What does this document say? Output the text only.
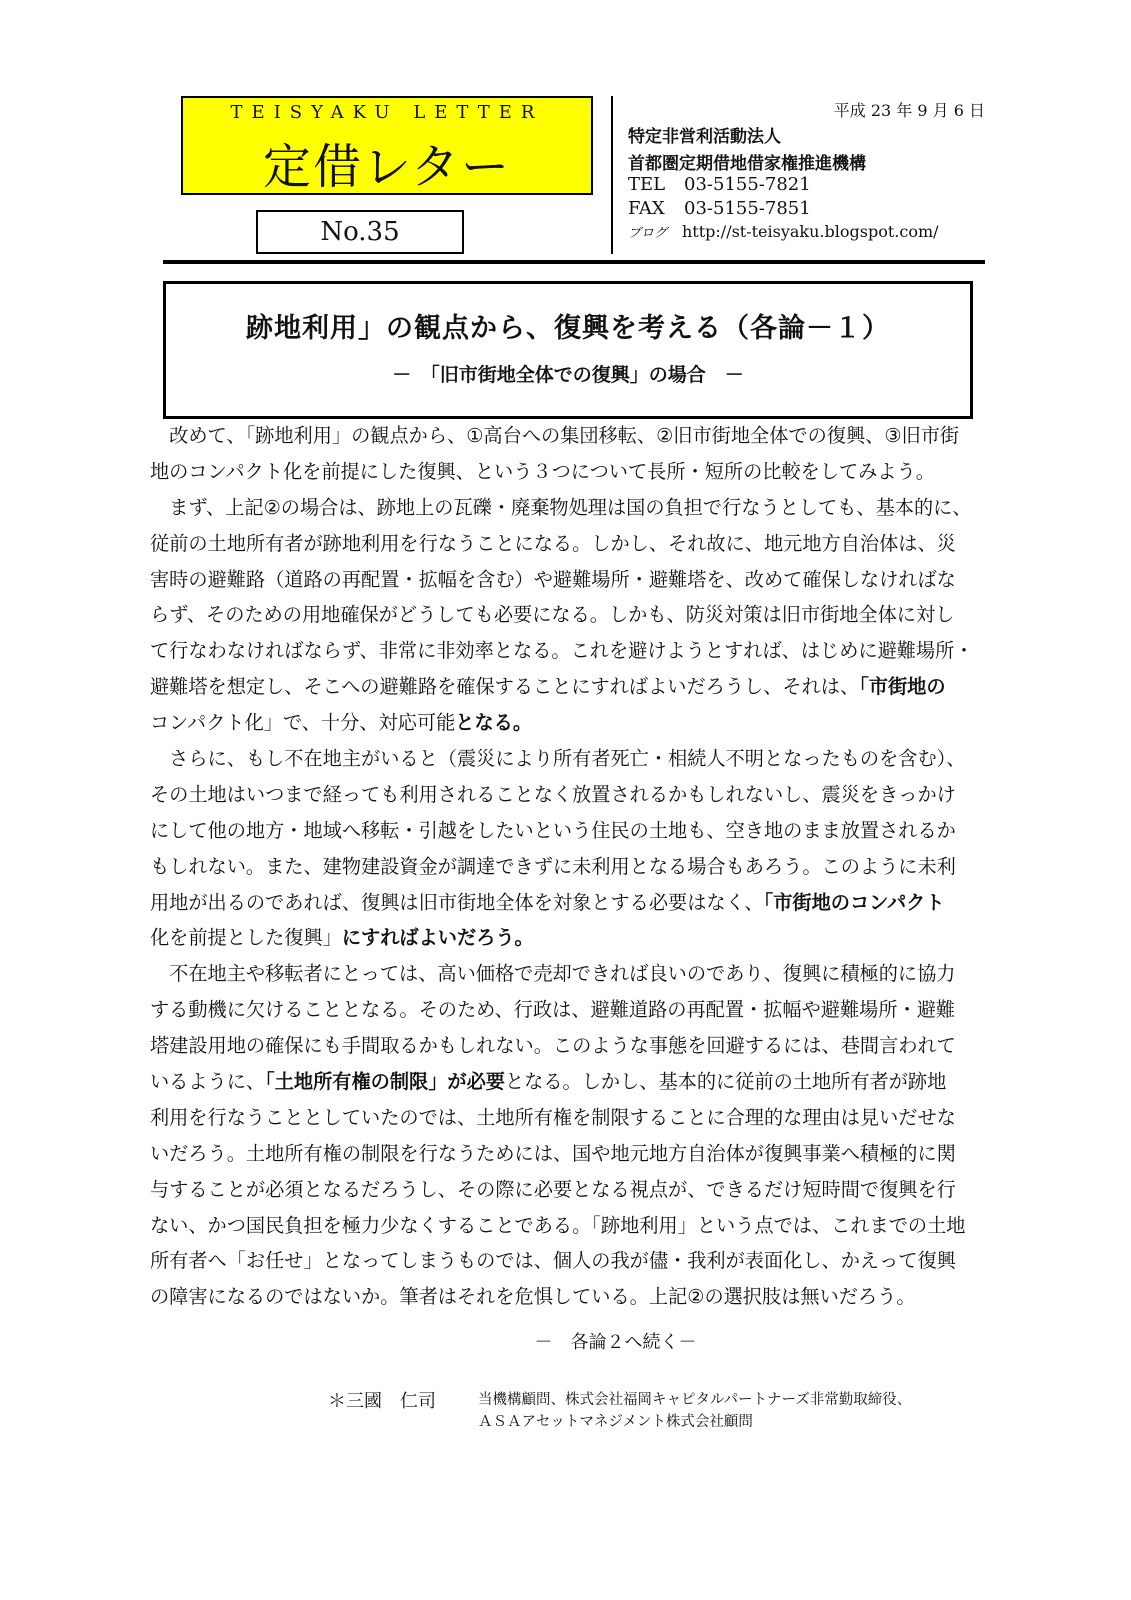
TEISYAKU LETTER
定借レター
No.35
平成 23 年 9 月 6 日
特定非営利活動法人
首都圏定期借地借家権推進機構
TEL 03-5155-7821
FAX 03-5155-7851
ブログ http://st-teisyaku.blogspot.com/
跡地利用」の観点から、復興を考える（各論－１）
－　「旧市街地全体での復興」の場合　－
　改めて、「跡地利用」の観点から、①高台への集団移転、②旧市街地全体での復興、③旧市街
地のコンパクト化を前提にした復興、という３つについて長所・短所の比較をしてみよう。
　まず、上記②の場合は、跡地上の瓦礫・廃棄物処理は国の負担で行なうとしても、基本的に、
従前の土地所有者が跡地利用を行なうことになる。しかし、それ故に、地元地方自治体は、災
害時の避難路（道路の再配置・拡幅を含む）や避難場所・避難塔を、改めて確保しなければな
らず、そのための用地確保がどうしても必要になる。しかも、防災対策は旧市街地全体に対し
て行なわなければならず、非常に非効率となる。これを避けようとすれば、はじめに避難場所・
避難塔を想定し、そこへの避難路を確保することにすればよいだろうし、それは、「市街地の
コンパクト化」で、十分、対応可能となる。
　さらに、もし不在地主がいると（震災により所有者死亡・相続人不明となったものを含む）、
その土地はいつまで経っても利用されることなく放置されるかもしれないし、震災をきっかけ
にして他の地方・地域へ移転・引越をしたいという住民の土地も、空き地のまま放置されるか
もしれない。また、建物建設資金が調達できずに未利用となる場合もあろう。このように未利
用地が出るのであれば、復興は旧市街地全体を対象とする必要はなく、「市街地のコンパクト
化を前提とした復興」にすればよいだろう。
　不在地主や移転者にとっては、高い価格で売却できれば良いのであり、復興に積極的に協力
する動機に欠けることとなる。そのため、行政は、避難道路の再配置・拡幅や避難場所・避難
塔建設用地の確保にも手間取るかもしれない。このような事態を回避するには、巷間言われて
いるように、「土地所有権の制限」が必要となる。しかし、基本的に従前の土地所有者が跡地
利用を行なうこととしていたのでは、土地所有権を制限することに合理的な理由は見いだせな
いだろう。土地所有権の制限を行なうためには、国や地元地方自治体が復興事業へ積極的に関
与することが必須となるだろうし、その際に必要となる視点が、できるだけ短時間で復興を行
ない、かつ国民負担を極力少なくすることである。「跡地利用」という点では、これまでの土地
所有者へ「お任せ」となってしまうものでは、個人の我が儘・我利が表面化し、かえって復興
の障害になるのではないか。筆者はそれを危惧している。上記②の選択肢は無いだろう。
－　各論２へ続く－
＊三國　仁司	当機構顧問、株式会社福岡キャピタルパートナーズ非常勤取締役、
ＡＳＡアセットマネジメント株式会社顧問
